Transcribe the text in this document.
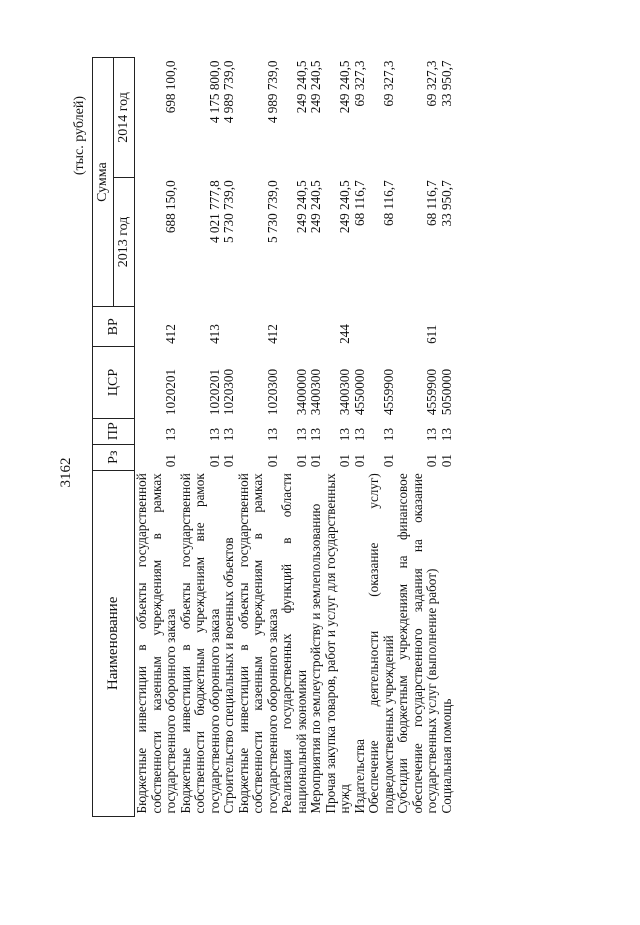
3162
(тыс. рублей)
Наименование	Рз	ПР	ЦСР	ВР	Сумма	
					2013 год	2014 год
Бюджетные инвестиции в объекты государственной собственности казенным учреждениям в рамках государственного оборонного заказа	01	13	1020201	412	688 150,0	698 100,0
Бюджетные инвестиции в объекты государственной собственности бюджетным учреждениям вне рамок государственного оборонного заказа	01	13	1020201	413	4 021 777,8	4 175 800,0
Строительство специальных и военных объектов	01	13	1020300		5 730 739,0	4 989 739,0
Бюджетные инвестиции в объекты государственной собственности казенным учреждениям в рамках государственного оборонного заказа	01	13	1020300	412	5 730 739,0	4 989 739,0
Реализация государственных функций в области национальной экономики	01	13	3400000		249 240,5	249 240,5
Мероприятия по землеустройству и землепользованию	01	13	3400300		249 240,5	249 240,5
Прочая закупка товаров, работ и услуг для государственных нужд	01	13	3400300	244	249 240,5	249 240,5
Издательства	01	13	4550000		68 116,7	69 327,3
Обеспечение деятельности (оказание услуг) подведомственных учреждений	01	13	4559900		68 116,7	69 327,3
Субсидии бюджетным учреждениям на финансовое обеспечение государственного задания на оказание государственных услуг (выполнение работ)	01	13	4559900	611	68 116,7	69 327,3
Социальная помощь	01	13	5050000		33 950,7	33 950,7
